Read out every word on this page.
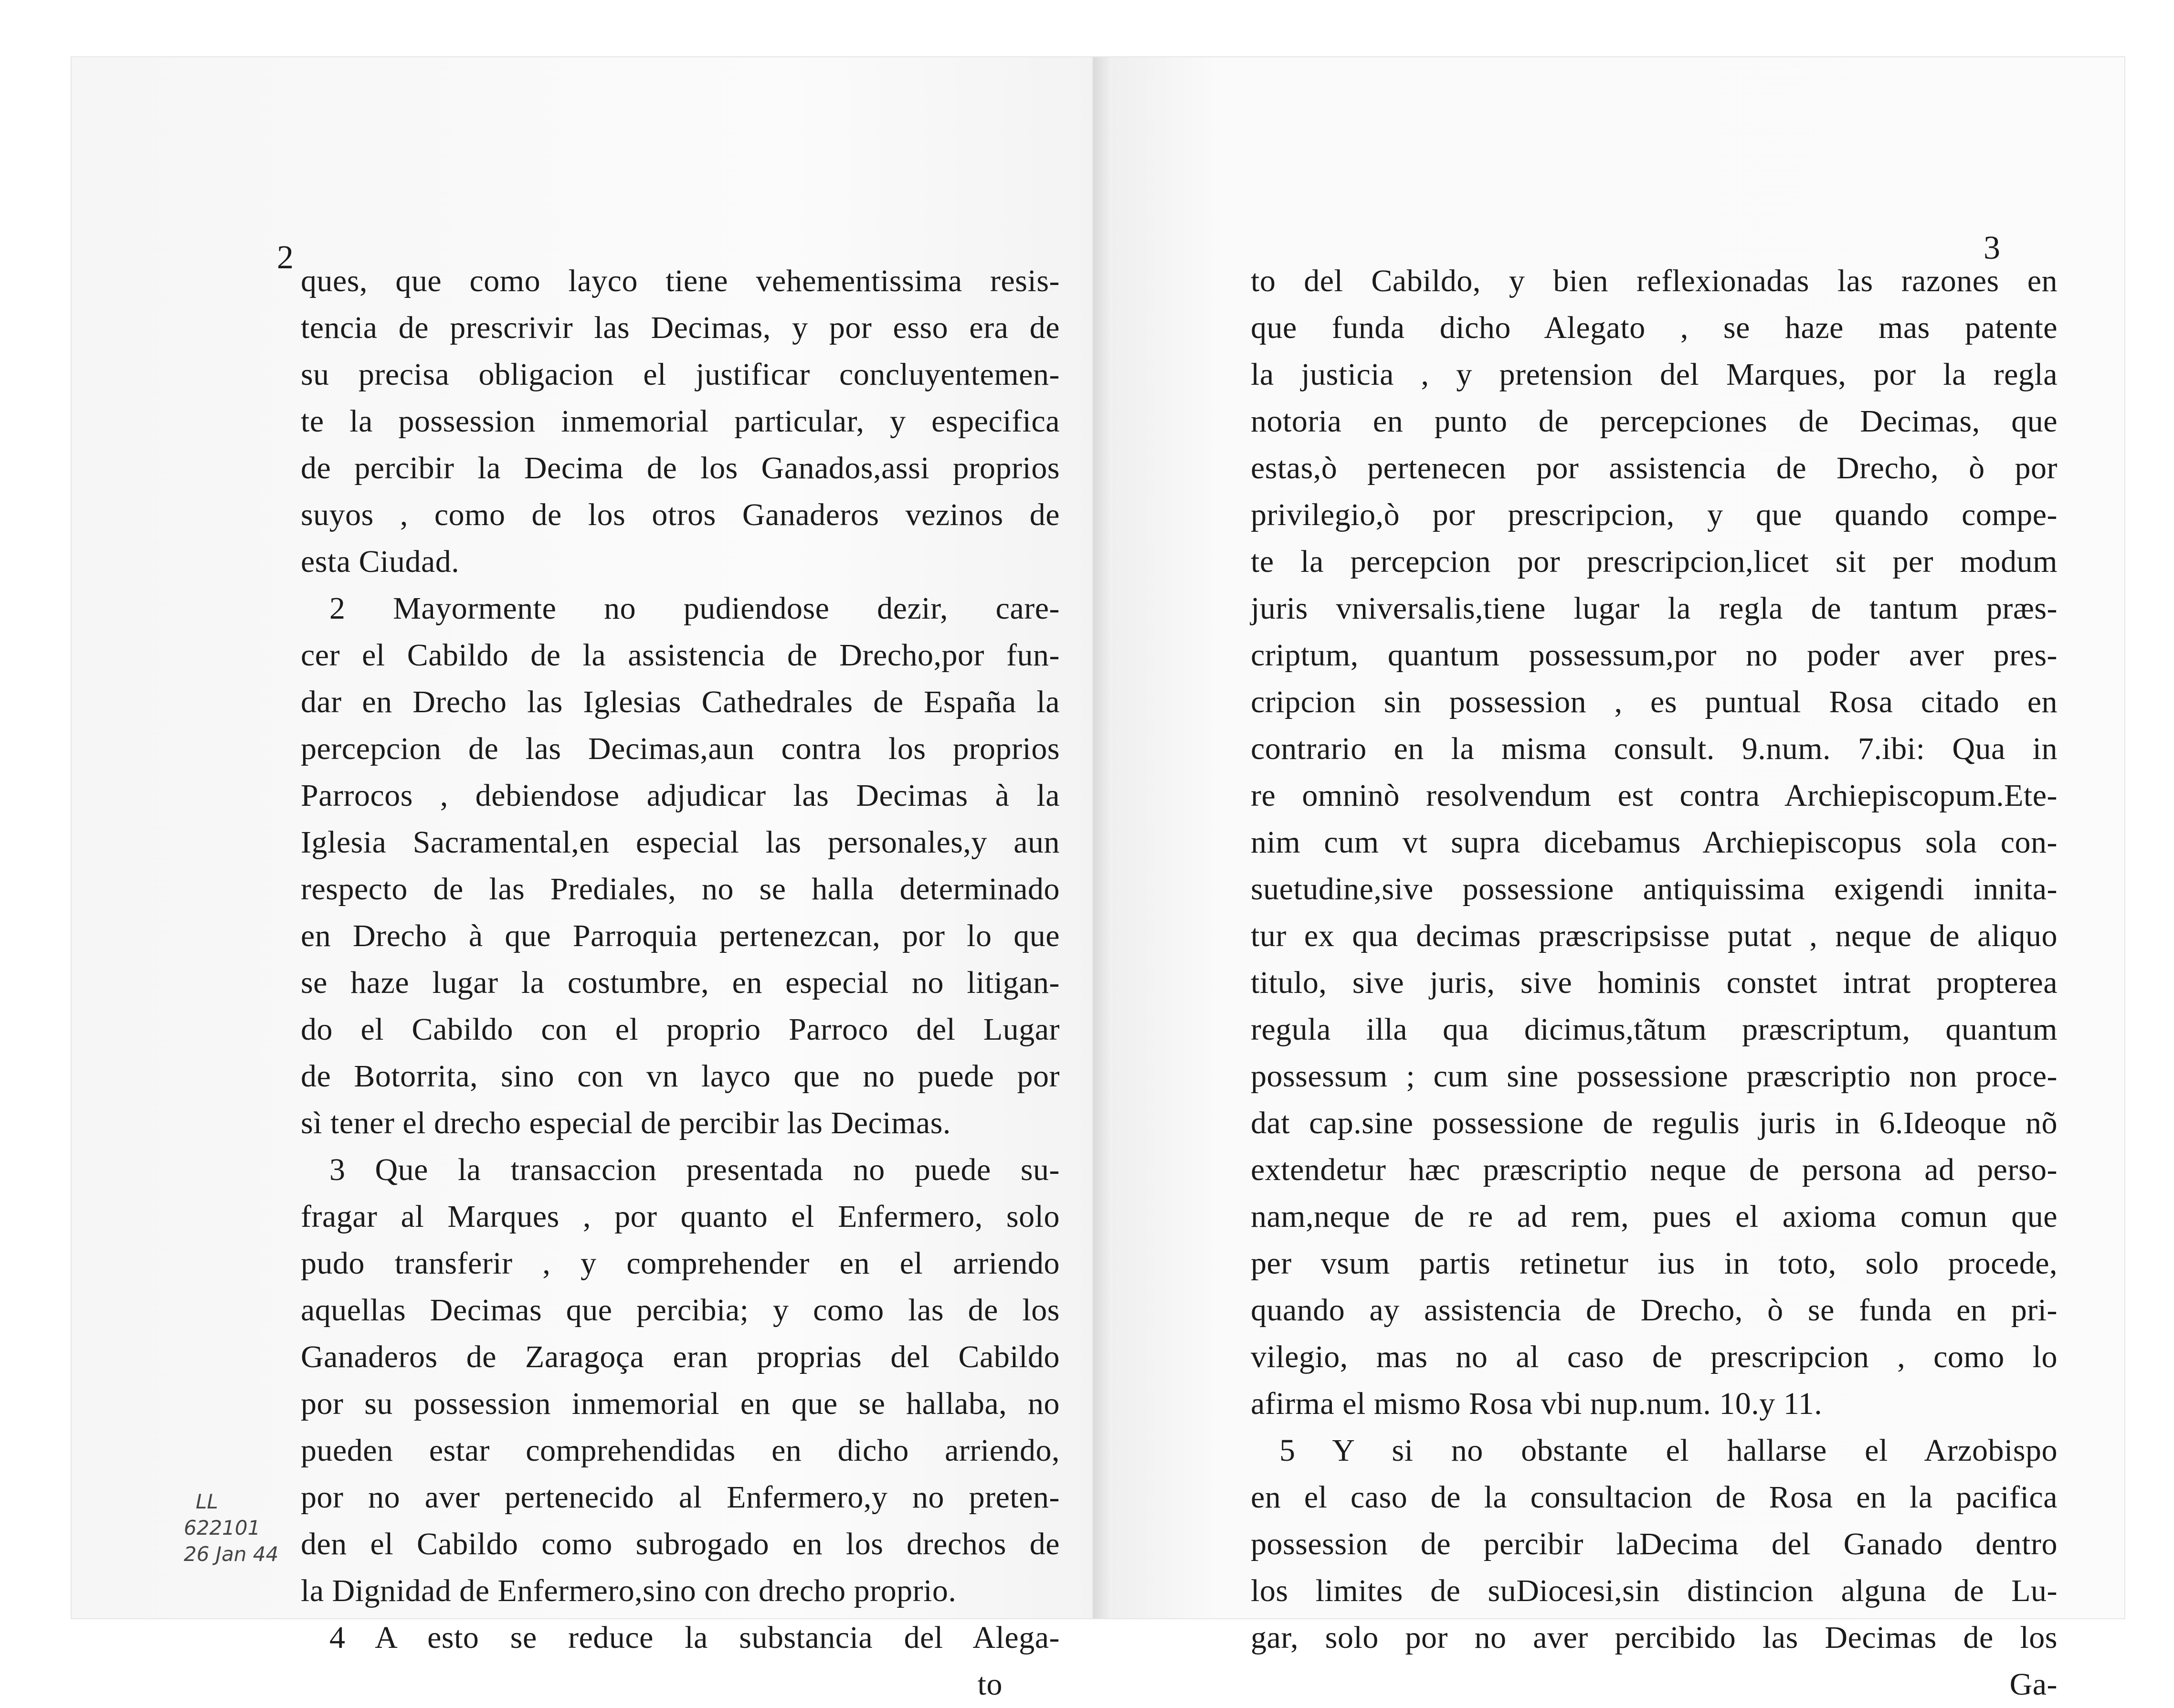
2
ques, que como layco tiene vehementissima resis-
tencia de prescrivir las Decimas, y por esso era de
su precisa obligacion el justificar concluyentemen-
te la possession inmemorial particular, y especifica
de percibir la Decima de los Ganados,assi proprios
suyos , como de los otros Ganaderos vezinos de
esta Ciudad.
2 Mayormente no pudiendose dezir, care-
cer el Cabildo de la assistencia de Drecho,por fun-
dar en Drecho las Iglesias Cathedrales de España la
percepcion de las Decimas,aun contra los proprios
Parrocos , debiendose adjudicar las Decimas à la
Iglesia Sacramental,en especial las personales,y aun
respecto de las Prediales, no se halla determinado
en Drecho à que Parroquia pertenezcan, por lo que
se haze lugar la costumbre, en especial no litigan-
do el Cabildo con el proprio Parroco del Lugar
de Botorrita, sino con vn layco que no puede por
sì tener el drecho especial de percibir las Decimas.
3 Que la transaccion presentada no puede su-
fragar al Marques , por quanto el Enfermero, solo
pudo transferir , y comprehender en el arriendo
aquellas Decimas que percibia; y como las de los
Ganaderos de Zaragoça eran proprias del Cabildo
por su possession inmemorial en que se hallaba, no
pueden estar comprehendidas en dicho arriendo,
por no aver pertenecido al Enfermero,y no preten-
den el Cabildo como subrogado en los drechos de
la Dignidad de Enfermero,sino con drecho proprio.
4 A esto se reduce la substancia del Alega-
to
LL
622101
26 Jan 44
3
to del Cabildo, y bien reflexionadas las razones en
que funda dicho Alegato , se haze mas patente
la justicia , y pretension del Marques, por la regla
notoria en punto de percepciones de Decimas, que
estas,ò pertenecen por assistencia de Drecho, ò por
privilegio,ò por prescripcion, y que quando compe-
te la percepcion por prescripcion,licet sit per modum
juris vniversalis,tiene lugar la regla de tantum præs-
criptum, quantum possessum,por no poder aver pres-
cripcion sin possession , es puntual Rosa citado en
contrario en la misma consult. 9.num. 7.ibi: Qua in
re omninò resolvendum est contra Archiepiscopum.Ete-
nim cum vt supra dicebamus Archiepiscopus sola con-
suetudine,sive possessione antiquissima exigendi innita-
tur ex qua decimas præscripsisse putat , neque de aliquo
titulo, sive juris, sive hominis constet intrat propterea
regula illa qua dicimus,tãtum præscriptum, quantum
possessum ; cum sine possessione præscriptio non proce-
dat cap.sine possessione de regulis juris in 6.Ideoque nõ
extendetur hæc præscriptio neque de persona ad perso-
nam,neque de re ad rem, pues el axioma comun que
per vsum partis retinetur ius in toto, solo procede,
quando ay assistencia de Drecho, ò se funda en pri-
vilegio, mas no al caso de prescripcion , como lo
afirma el mismo Rosa vbi nup.num. 10.y 11.
5 Y si no obstante el hallarse el Arzobispo
en el caso de la consultacion de Rosa en la pacifica
possession de percibir laDecima del Ganado dentro
los limites de suDiocesi,sin distincion alguna de Lu-
gar, solo por no aver percibido las Decimas de los
Ga-
